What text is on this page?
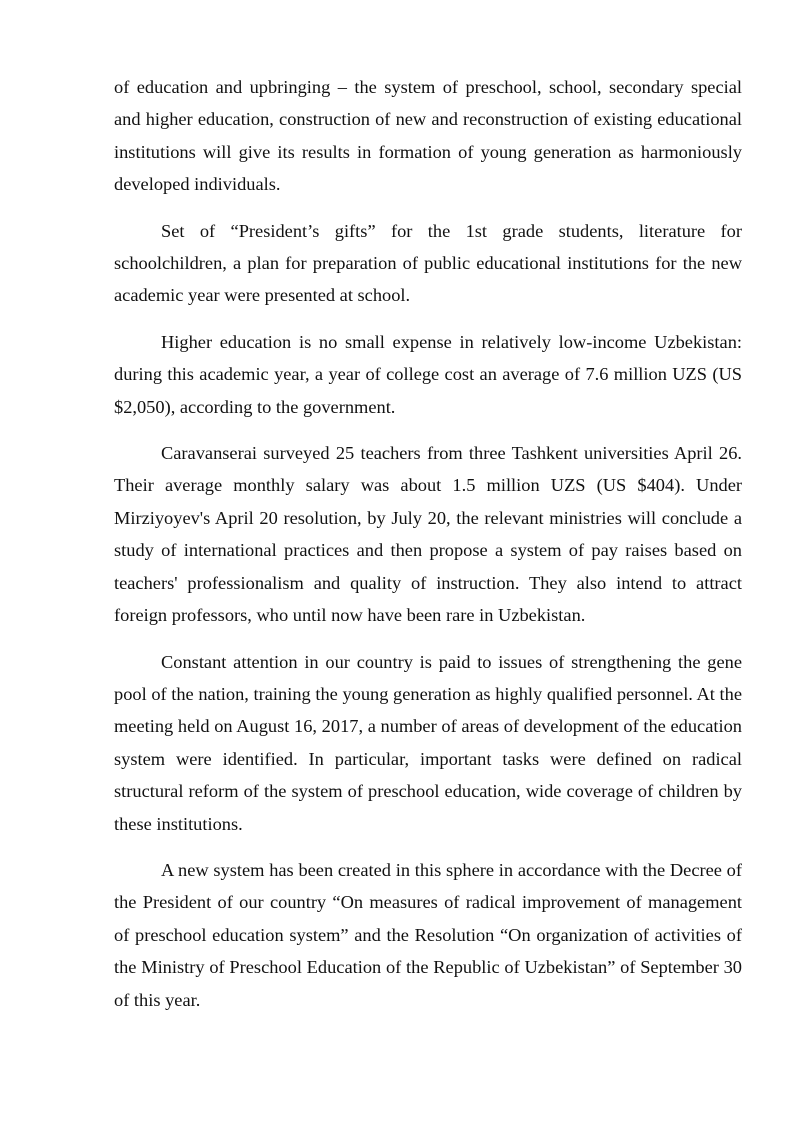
of education and upbringing – the system of preschool, school, secondary special and higher education, construction of new and reconstruction of existing educational institutions will give its results in formation of young generation as harmoniously developed individuals.

Set of “President’s gifts” for the 1st grade students, literature for schoolchildren, a plan for preparation of public educational institutions for the new academic year were presented at school.

Higher education is no small expense in relatively low-income Uzbekistan: during this academic year, a year of college cost an average of 7.6 million UZS (US $2,050), according to the government.

Caravanserai surveyed 25 teachers from three Tashkent universities April 26. Their average monthly salary was about 1.5 million UZS (US $404). Under Mirziyoyev's April 20 resolution, by July 20, the relevant ministries will conclude a study of international practices and then propose a system of pay raises based on teachers' professionalism and quality of instruction. They also intend to attract foreign professors, who until now have been rare in Uzbekistan.

Constant attention in our country is paid to issues of strengthening the gene pool of the nation, training the young generation as highly qualified personnel. At the meeting held on August 16, 2017, a number of areas of development of the education system were identified. In particular, important tasks were defined on radical structural reform of the system of preschool education, wide coverage of children by these institutions.

A new system has been created in this sphere in accordance with the Decree of the President of our country “On measures of radical improvement of management of preschool education system” and the Resolution “On organization of activities of the Ministry of Preschool Education of the Republic of Uzbekistan” of September 30 of this year.
